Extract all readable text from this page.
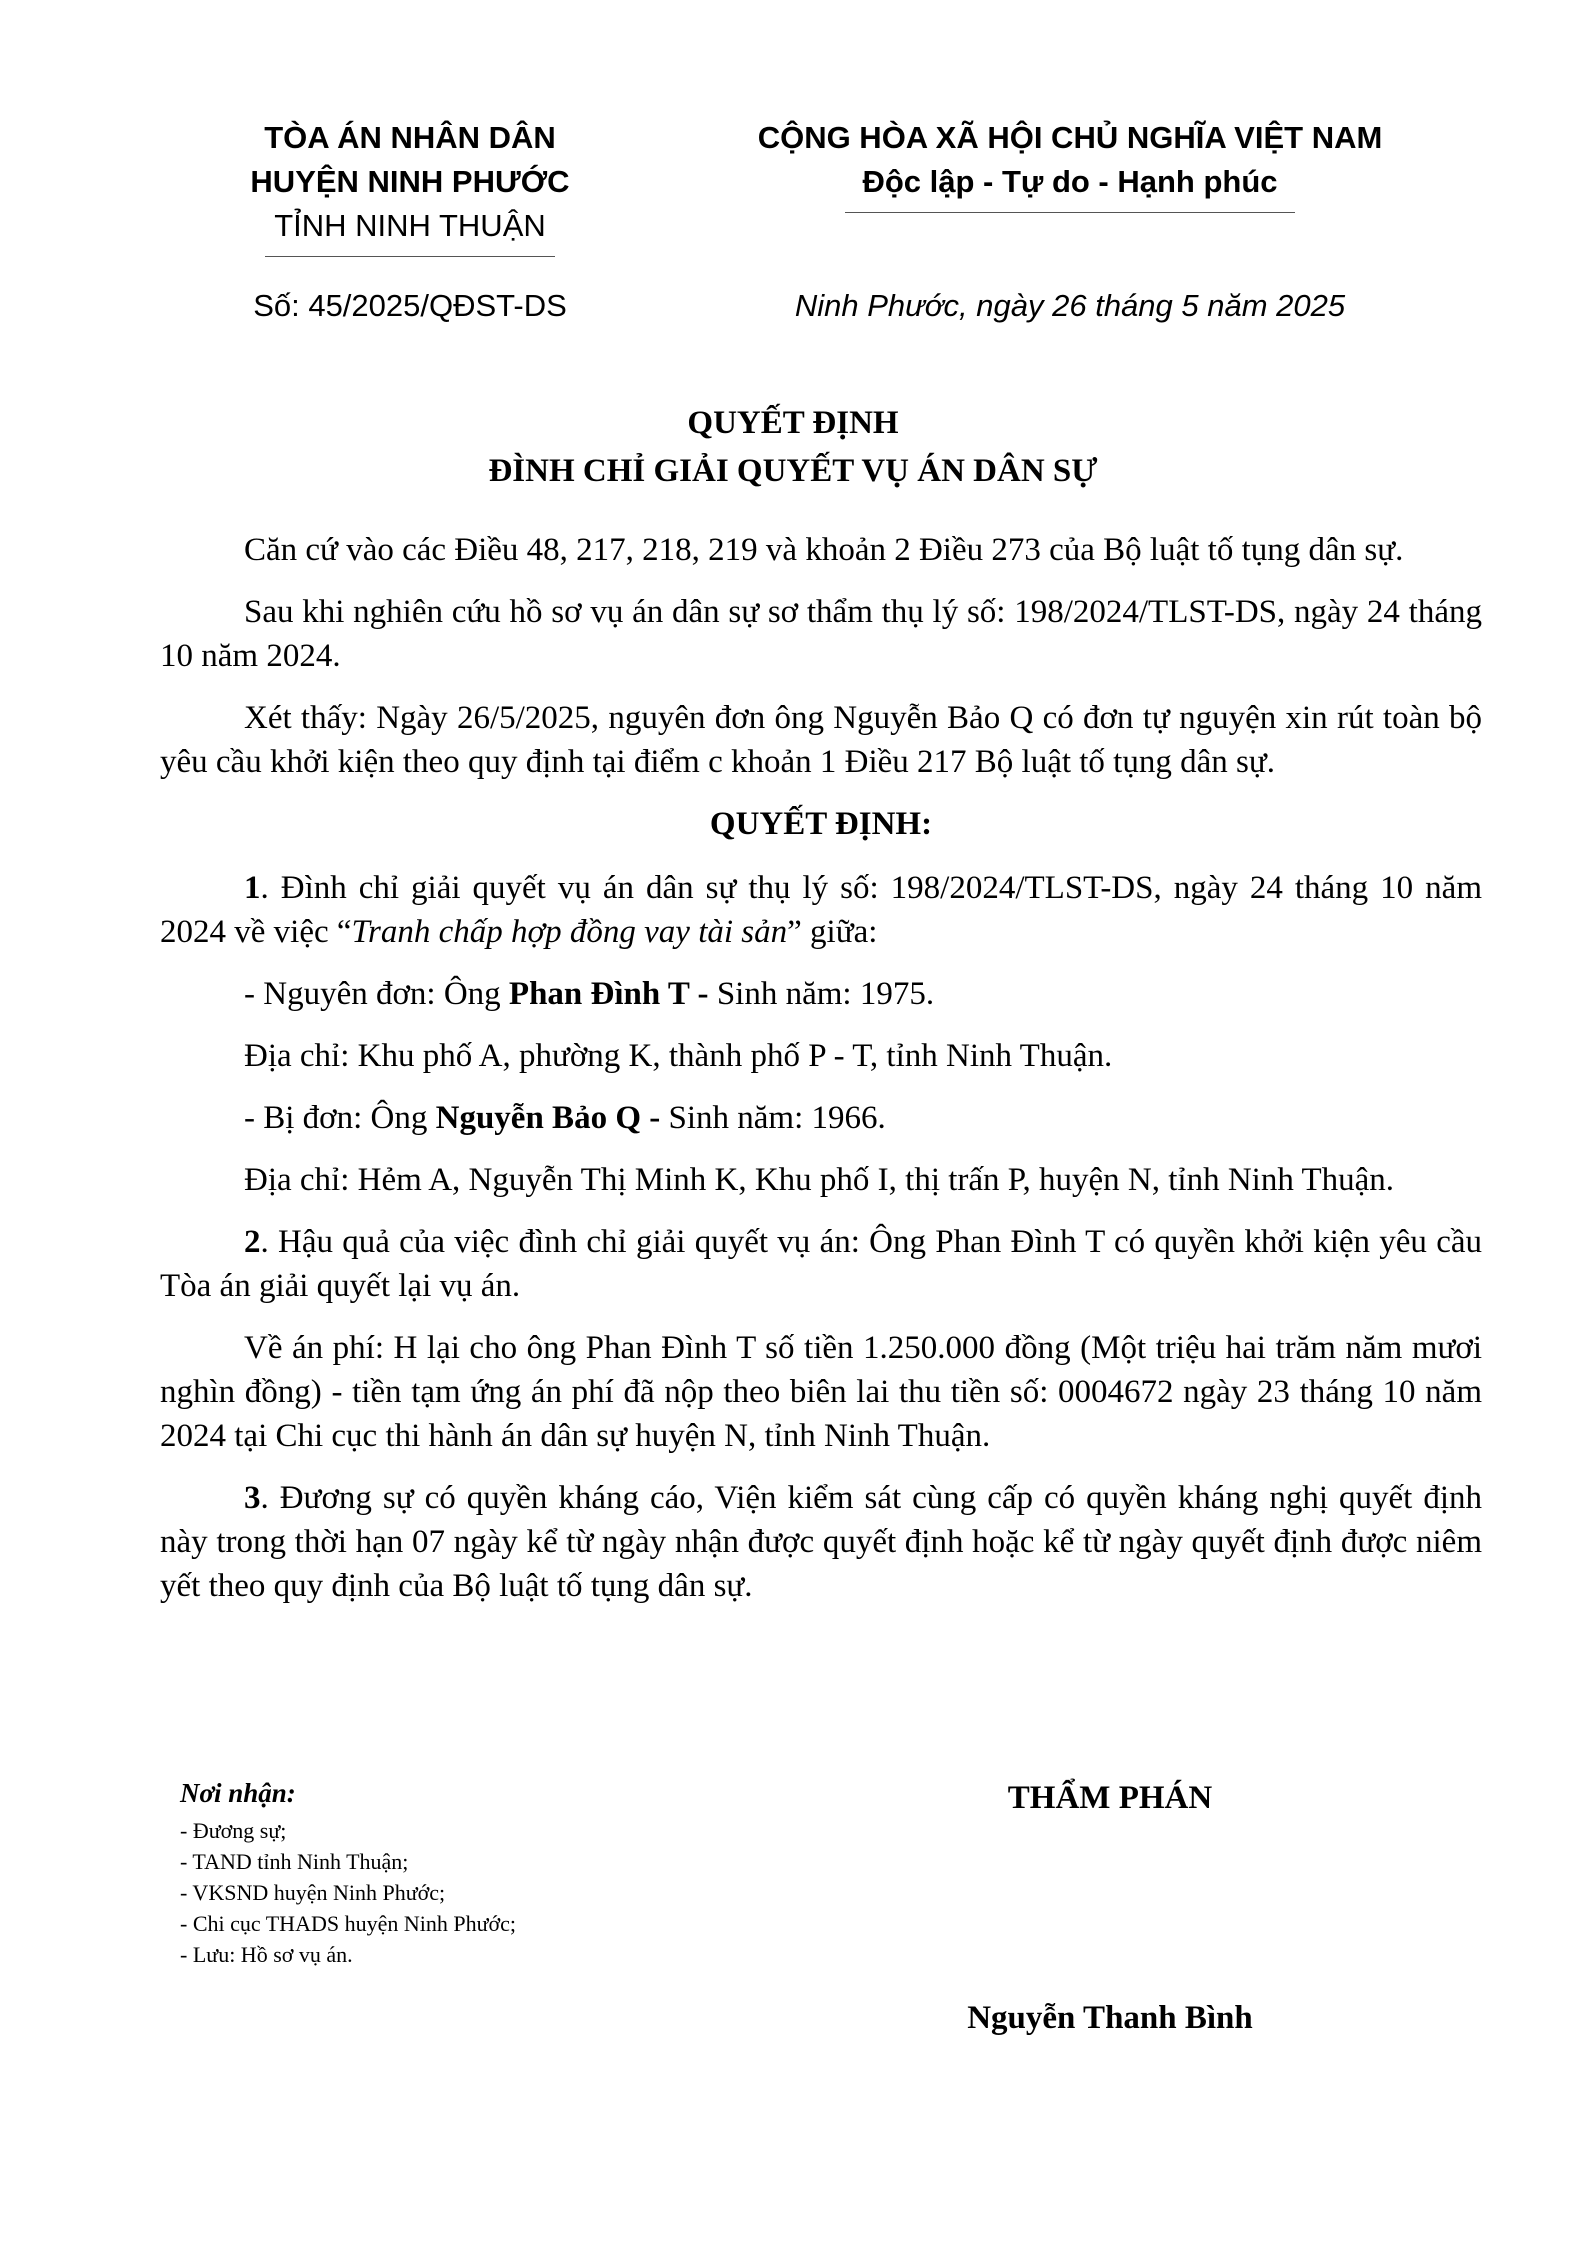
TÒA ÁN NHÂN DÂN
HUYỆN NINH PHƯỚC
TỈNH NINH THUẬN
CỘNG HÒA XÃ HỘI CHỦ NGHĨA VIỆT NAM
Độc lập - Tự do - Hạnh phúc
Số: 45/2025/QĐST-DS	Ninh Phước, ngày 26 tháng 5 năm 2025
QUYẾT ĐỊNH
ĐÌNH CHỈ GIẢI QUYẾT VỤ ÁN DÂN SỰ

Căn cứ vào các Điều 48, 217, 218, 219 và khoản 2 Điều 273 của Bộ luật tố tụng dân sự.

Sau khi nghiên cứu hồ sơ vụ án dân sự sơ thẩm thụ lý số: 198/2024/TLST-DS, ngày 24 tháng 10 năm 2024.

Xét thấy: Ngày 26/5/2025, nguyên đơn ông Nguyễn Bảo Q có đơn tự nguyện xin rút toàn bộ yêu cầu khởi kiện theo quy định tại điểm c khoản 1 Điều 217 Bộ luật tố tụng dân sự.

QUYẾT ĐỊNH:

1. Đình chỉ giải quyết vụ án dân sự thụ lý số: 198/2024/TLST-DS, ngày 24 tháng 10 năm 2024 về việc “Tranh chấp hợp đồng vay tài sản” giữa:

- Nguyên đơn: Ông Phan Đình T - Sinh năm: 1975.

Địa chỉ: Khu phố A, phường K, thành phố P - T, tỉnh Ninh Thuận.

- Bị đơn: Ông Nguyễn Bảo Q - Sinh năm: 1966.

Địa chỉ: Hẻm A, Nguyễn Thị Minh K, Khu phố I, thị trấn P, huyện N, tỉnh Ninh Thuận.

2. Hậu quả của việc đình chỉ giải quyết vụ án: Ông Phan Đình T có quyền khởi kiện yêu cầu Tòa án giải quyết lại vụ án.

Về án phí: H lại cho ông Phan Đình T số tiền 1.250.000 đồng (Một triệu hai trăm năm mươi nghìn đồng) - tiền tạm ứng án phí đã nộp theo biên lai thu tiền số: 0004672 ngày 23 tháng 10 năm 2024 tại Chi cục thi hành án dân sự huyện N, tỉnh Ninh Thuận.

3. Đương sự có quyền kháng cáo, Viện kiểm sát cùng cấp có quyền kháng nghị quyết định này trong thời hạn 07 ngày kể từ ngày nhận được quyết định hoặc kể từ ngày quyết định được niêm yết theo quy định của Bộ luật tố tụng dân sự.

Nơi nhận:
- Đương sự;
- TAND tỉnh Ninh Thuận;
- VKSND huyện Ninh Phước;
- Chi cục THADS huyện Ninh Phước;
- Lưu: Hồ sơ vụ án.
THẨM PHÁN
Nguyễn Thanh Bình
